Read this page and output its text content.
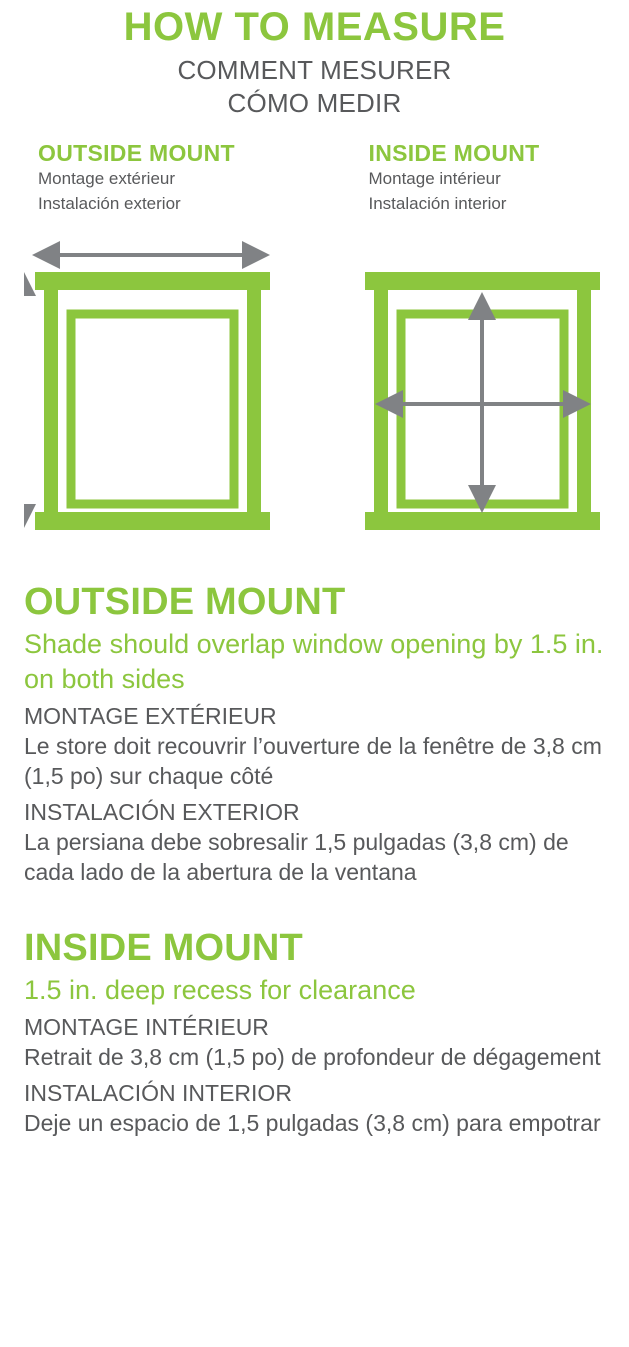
HOW TO MEASURE
COMMENT MESURER
CÓMO MEDIR
OUTSIDE MOUNT
Montage extérieur
Instalación exterior
INSIDE MOUNT
Montage intérieur
Instalación interior
OUTSIDE MOUNT
Shade should overlap window opening by 1.5 in. on both sides
MONTAGE EXTÉRIEUR
Le store doit recouvrir l’ouverture de la fenêtre de 3,8 cm (1,5 po) sur chaque côté
INSTALACIÓN EXTERIOR
La persiana debe sobresalir 1,5 pulgadas (3,8 cm) de cada lado de la abertura de la ventana
INSIDE MOUNT
1.5 in. deep recess for clearance
MONTAGE INTÉRIEUR
Retrait de 3,8 cm (1,5 po) de profondeur de dégagement
INSTALACIÓN INTERIOR
Deje un espacio de 1,5 pulgadas (3,8 cm) para empotrar
